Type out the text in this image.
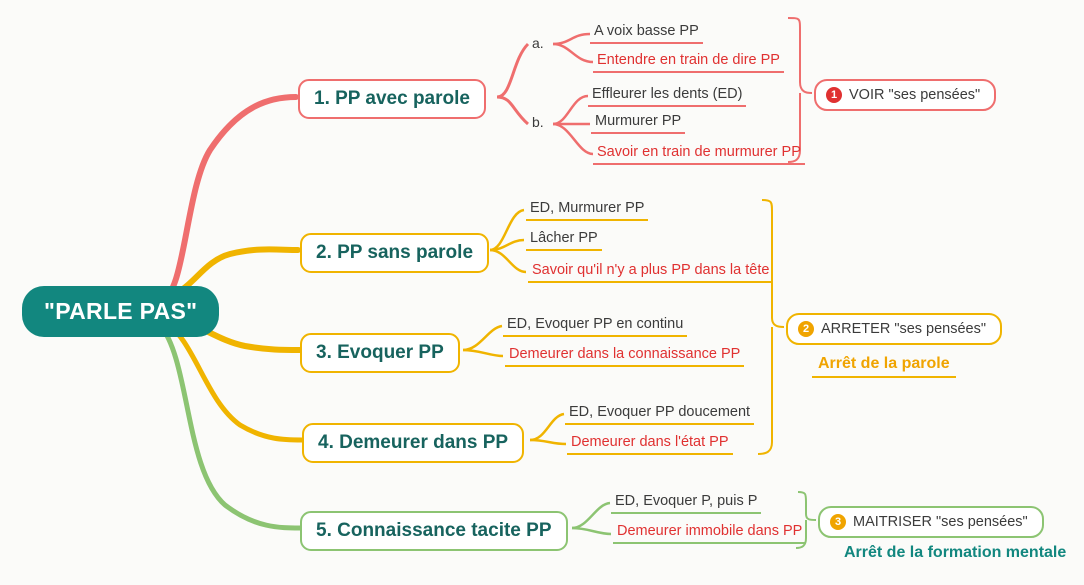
"PARLE PAS"
1. PP avec parole
a.
b.
A voix basse PP
Entendre en train de dire PP
Effleurer les dents (ED)
Murmurer PP
Savoir en train de murmurer PP
2. PP sans parole
ED, Murmurer PP
Lâcher PP
Savoir qu'il n'y a plus PP dans la tête
3. Evoquer PP
ED, Evoquer PP en continu
Demeurer dans la connaissance PP
4. Demeurer dans PP
ED, Evoquer PP doucement
Demeurer dans l'état PP
5. Connaissance tacite PP
ED, Evoquer P, puis P
Demeurer immobile dans PP
1 VOIR "ses pensées"
2 ARRETER "ses pensées"
3 MAITRISER "ses pensées"
Arrêt de la parole
Arrêt de la formation mentale
